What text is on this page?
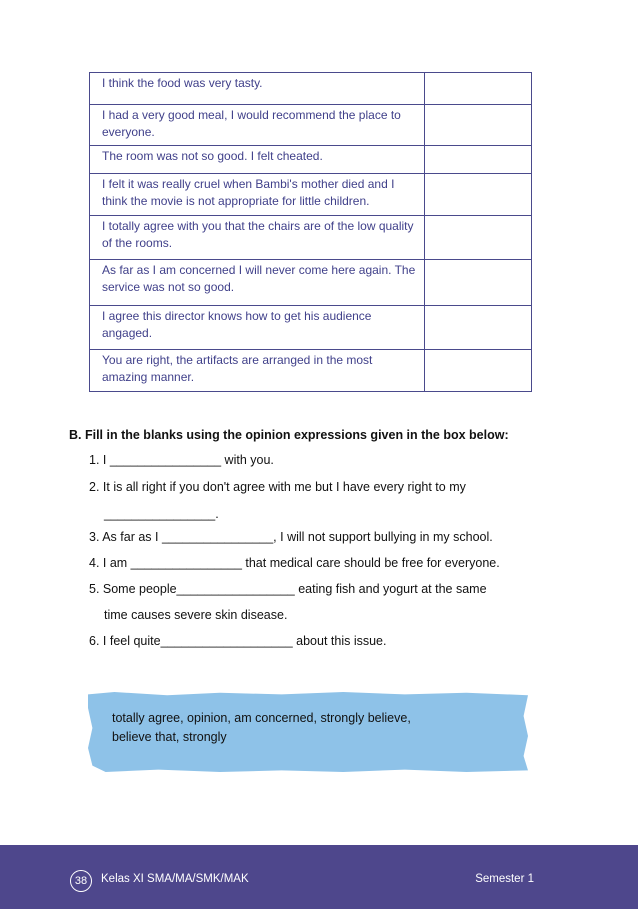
I think the food was very tasty.	
I had a very good meal, I would recommend the place to everyone.	
The room was not so good. I felt cheated.	
I felt it was really cruel when Bambi's mother died and I think the movie is not appropriate for little children.	
I totally agree with you that the chairs are of the low quality of the rooms.	
As far as I am concerned I will never come here again. The service was not so good.	
I agree this director knows how to get his audience angaged.	
You are right, the artifacts are arranged in the most amazing manner.	
B. Fill in the blanks using the opinion expressions given in the box below:
1. I ________________ with you.
2. It is all right if you don't agree with me but I have every right to my
________________.
3. As far as I ________________, I will not support bullying in my school.
4. I am ________________ that medical care should be free for everyone.
5. Some people_________________ eating fish and yogurt at the same
time causes severe skin disease.
6. I feel quite___________________ about this issue.
totally agree, opinion, am concerned, strongly believe,
believe that, strongly
38	Kelas XI SMA/MA/SMK/MAK	Semester 1
